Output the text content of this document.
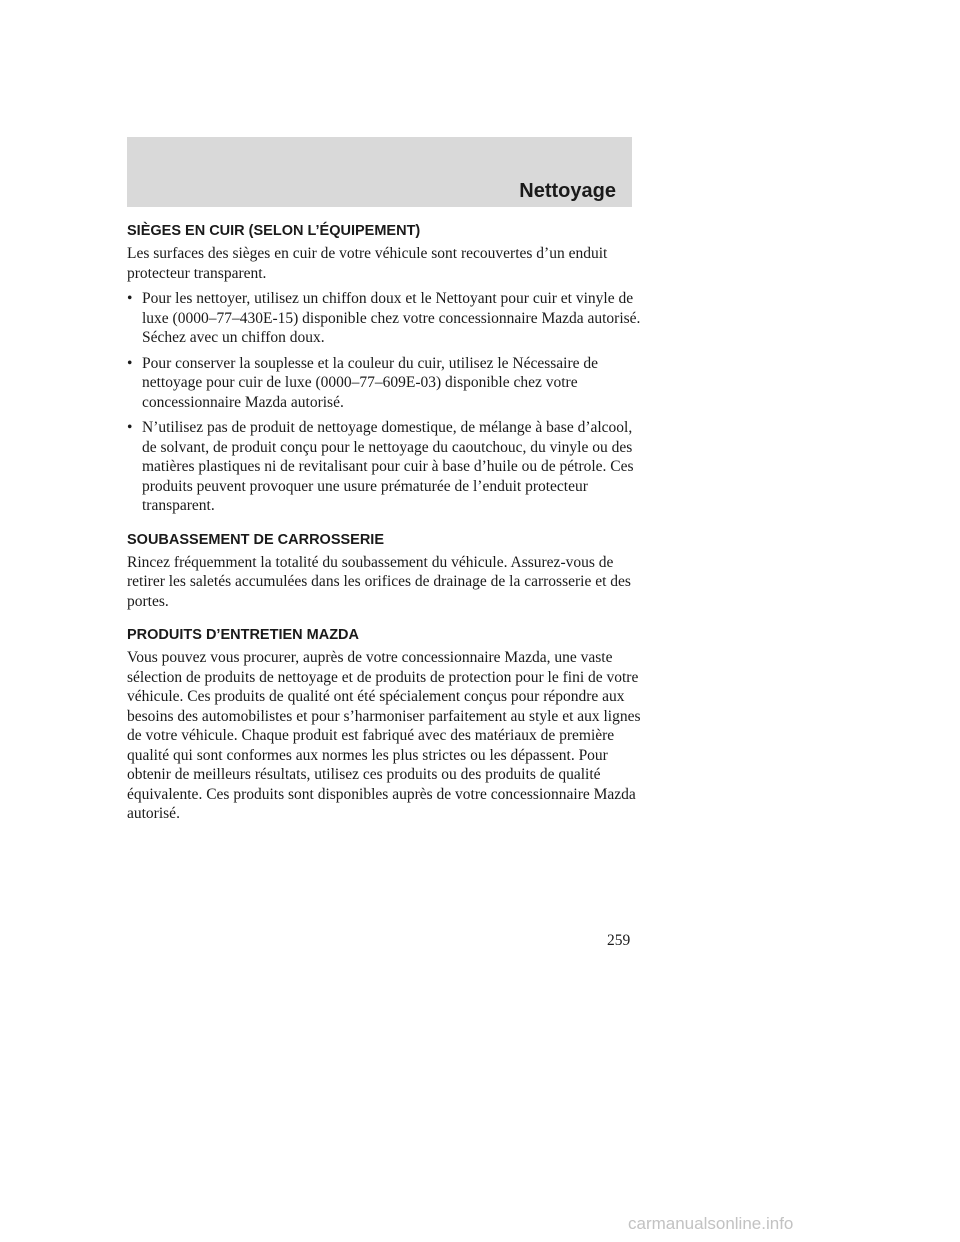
Nettoyage
SIÈGES EN CUIR (SELON L’ÉQUIPEMENT)

Les surfaces des sièges en cuir de votre véhicule sont recouvertes d’un enduit protecteur transparent.

• Pour les nettoyer, utilisez un chiffon doux et le Nettoyant pour cuir et vinyle de luxe (0000–77–430E-15) disponible chez votre concessionnaire Mazda autorisé. Séchez avec un chiffon doux.
• Pour conserver la souplesse et la couleur du cuir, utilisez le Nécessaire de nettoyage pour cuir de luxe (0000–77–609E-03) disponible chez votre concessionnaire Mazda autorisé.
• N’utilisez pas de produit de nettoyage domestique, de mélange à base d’alcool, de solvant, de produit conçu pour le nettoyage du caoutchouc, du vinyle ou des matières plastiques ni de revitalisant pour cuir à base d’huile ou de pétrole. Ces produits peuvent provoquer une usure prématurée de l’enduit protecteur transparent.
SOUBASSEMENT DE CARROSSERIE

Rincez fréquemment la totalité du soubassement du véhicule. Assurez-vous de retirer les saletés accumulées dans les orifices de drainage de la carrosserie et des portes.

PRODUITS D’ENTRETIEN MAZDA

Vous pouvez vous procurer, auprès de votre concessionnaire Mazda, une vaste sélection de produits de nettoyage et de produits de protection pour le fini de votre véhicule. Ces produits de qualité ont été spécialement conçus pour répondre aux besoins des automobilistes et pour s’harmoniser parfaitement au style et aux lignes de votre véhicule. Chaque produit est fabriqué avec des matériaux de première qualité qui sont conformes aux normes les plus strictes ou les dépassent. Pour obtenir de meilleurs résultats, utilisez ces produits ou des produits de qualité équivalente. Ces produits sont disponibles auprès de votre concessionnaire Mazda autorisé.

259
carmanualsonline.info
